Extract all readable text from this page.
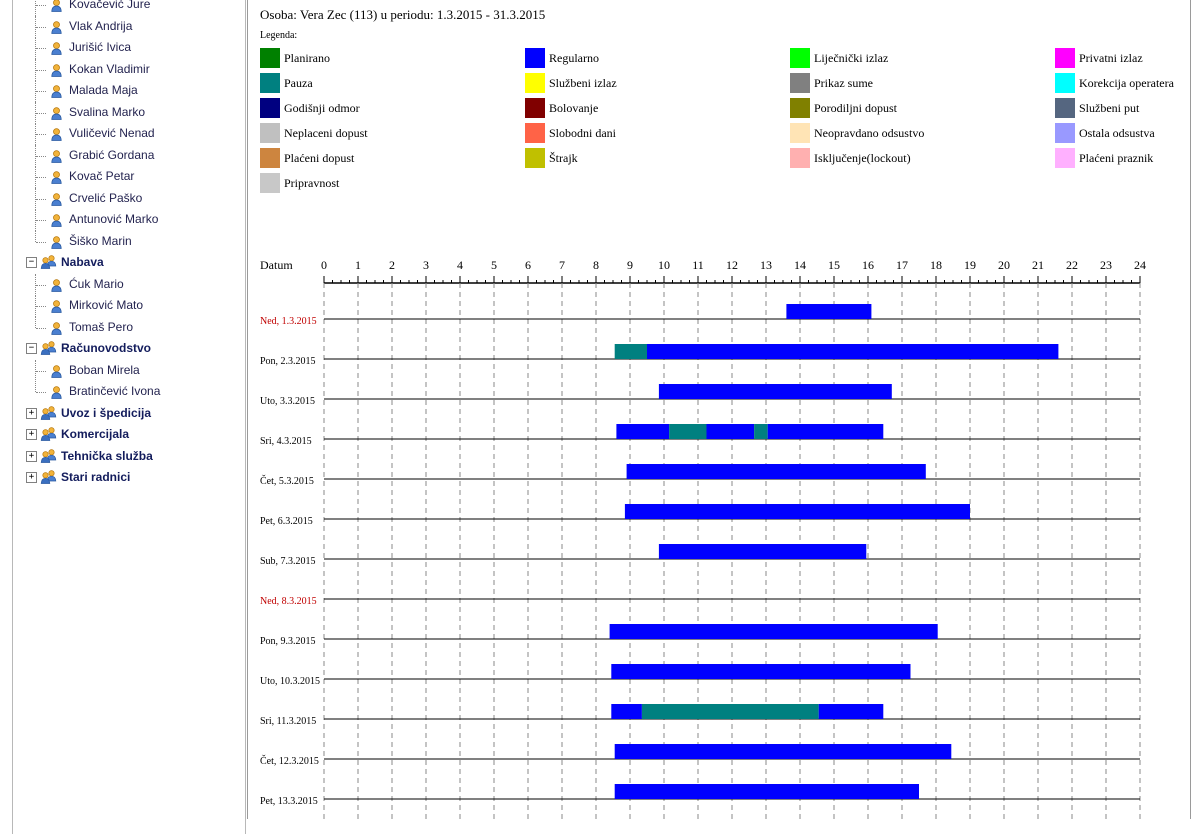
Kovačević Jure
Vlak Andrija
Jurišić Ivica
Kokan Vladimir
Malada Maja
Svalina Marko
Vuličević Nenad
Grabić Gordana
Kovač Petar
Crvelić Paško
Antunović Marko
Šiško Marin
− Nabava
Ćuk Mario
Mirković Mato
Tomaš Pero
− Računovodstvo
Boban Mirela
Bratinčević Ivona
+ Uvoz i špedicija
+ Komercijala
+ Tehnička služba
+ Stari radnici
Osoba: Vera Zec (113) u periodu: 1.3.2015 - 31.3.2015
Legenda:
Planirano	Regularno	Liječnički izlaz	Privatni izlaz
Pauza	Službeni izlaz	Prikaz sume	Korekcija operatera
Godišnji odmor	Bolovanje	Porodiljni dopust	Službeni put
Neplaceni dopust	Slobodni dani	Neopravdano odsustvo	Ostala odsustva
Plaćeni dopust	Štrajk	Isključenje(lockout)	Plaćeni praznik
Pripravnost
Datum 0 1 2 3 4 5 6 7 8 9 10 11 12 13 14 15 16 17 18 19 20 21 22 23 24
Ned, 1.3.2015
Pon, 2.3.2015
Uto, 3.3.2015
Sri, 4.3.2015
Čet, 5.3.2015
Pet, 6.3.2015
Sub, 7.3.2015
Ned, 8.3.2015
Pon, 9.3.2015
Uto, 10.3.2015
Sri, 11.3.2015
Čet, 12.3.2015
Pet, 13.3.2015
